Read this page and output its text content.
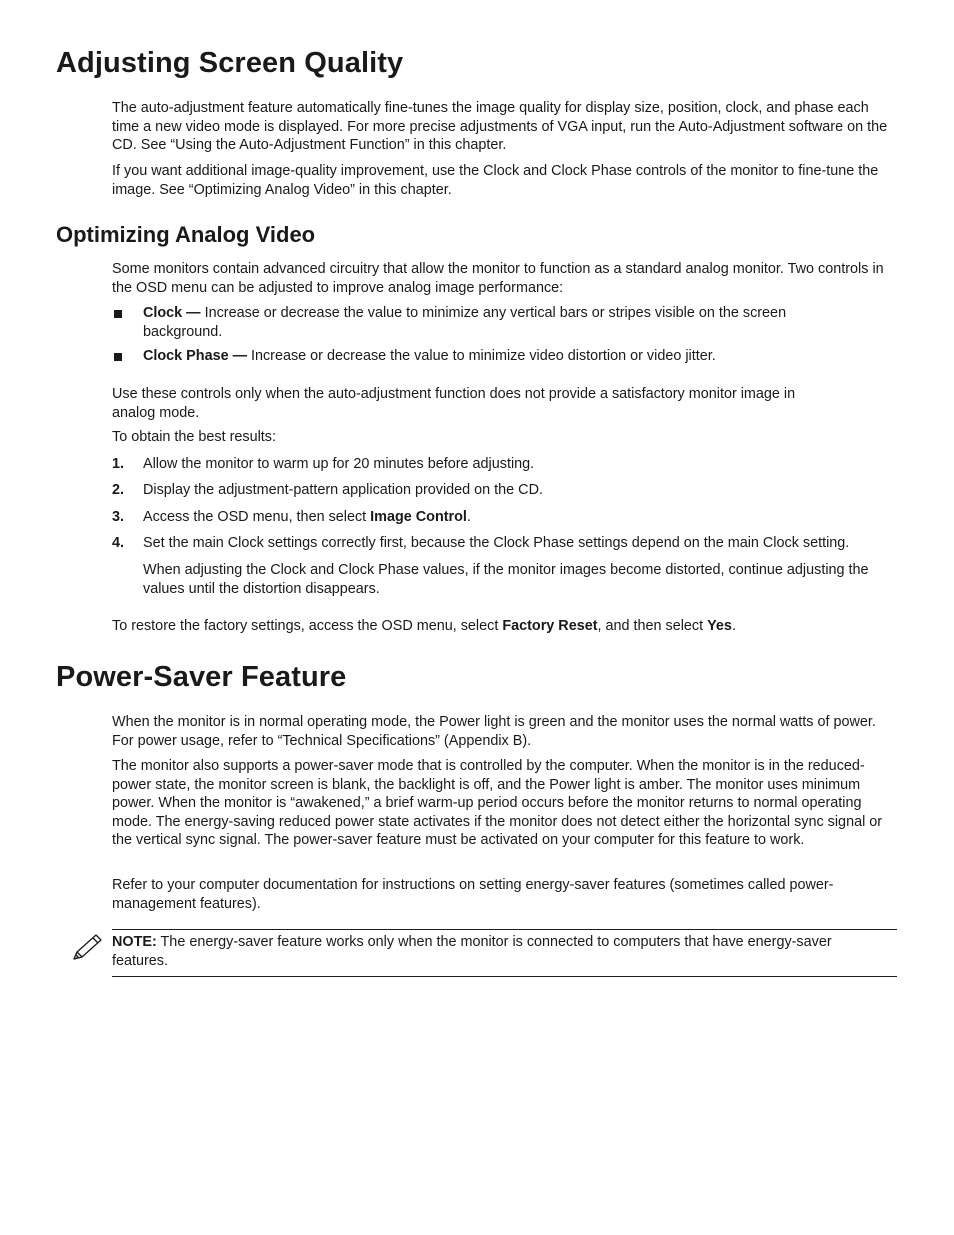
Adjusting Screen Quality

The auto-adjustment feature automatically fine-tunes the image quality for display size, position, clock, and phase each time a new video mode is displayed. For more precise adjustments of VGA input, run the Auto-Adjustment software on the CD. See “Using the Auto-Adjustment Function” in this chapter.

If you want additional image-quality improvement, use the Clock and Clock Phase controls of the monitor to fine-tune the image. See “Optimizing Analog Video” in this chapter.

Optimizing Analog Video

Some monitors contain advanced circuitry that allow the monitor to function as a standard analog monitor. Two controls in the OSD menu can be adjusted to improve analog image performance:

Clock — Increase or decrease the value to minimize any vertical bars or stripes visible on the screen background.
Clock Phase — Increase or decrease the value to minimize video distortion or video jitter.

Use these controls only when the auto-adjustment function does not provide a satisfactory monitor image in analog mode.

To obtain the best results:

1. Allow the monitor to warm up for 20 minutes before adjusting.
2. Display the adjustment-pattern application provided on the CD.
3. Access the OSD menu, then select Image Control.
4. Set the main Clock settings correctly first, because the Clock Phase settings depend on the main Clock setting.

When adjusting the Clock and Clock Phase values, if the monitor images become distorted, continue adjusting the values until the distortion disappears.

To restore the factory settings, access the OSD menu, select Factory Reset, and then select Yes.

Power-Saver Feature

When the monitor is in normal operating mode, the Power light is green and the monitor uses the normal watts of power. For power usage, refer to “Technical Specifications” (Appendix B).

The monitor also supports a power-saver mode that is controlled by the computer. When the monitor is in the reduced-power state, the monitor screen is blank, the backlight is off, and the Power light is amber. The monitor uses minimum power. When the monitor is “awakened,” a brief warm-up period occurs before the monitor returns to normal operating mode. The energy-saving reduced power state activates if the monitor does not detect either the horizontal sync signal or the vertical sync signal. The power-saver feature must be activated on your computer for this feature to work.

Refer to your computer documentation for instructions on setting energy-saver features (sometimes called power-management features).

NOTE: The energy-saver feature works only when the monitor is connected to computers that have energy-saver features.
